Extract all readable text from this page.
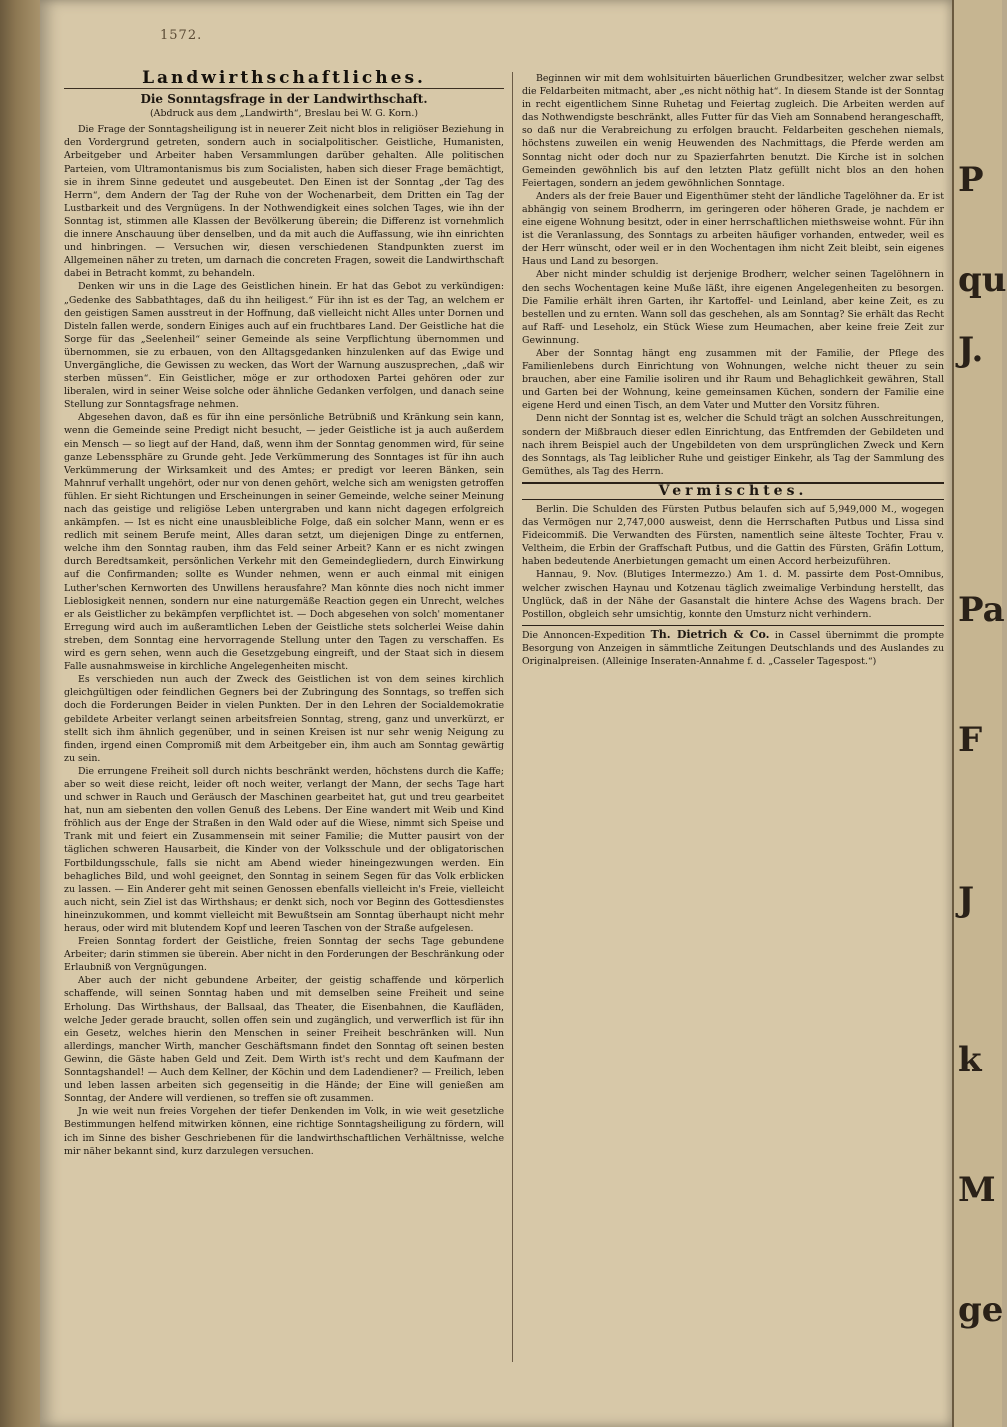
1572.
Landwirthschaftliches.
Die Sonntagsfrage in der Landwirthschaft.
(Abdruck aus dem „Landwirth“, Breslau bei W. G. Korn.)

Die Frage der Sonntagsheiligung ist in neuerer Zeit nicht blos in religiöser Beziehung in den Vordergrund getreten, sondern auch in socialpolitischer. Geistliche, Humanisten, Arbeitgeber und Arbeiter haben Versammlungen darüber gehalten. Alle politischen Parteien, vom Ultramontanismus bis zum Socialisten, haben sich dieser Frage bemächtigt, sie in ihrem Sinne gedeutet und ausgebeutet. Den Einen ist der Sonntag „der Tag des Herrn“, dem Andern der Tag der Ruhe von der Wochenarbeit, dem Dritten ein Tag der Lustbarkeit und des Vergnügens. In der Nothwendigkeit eines solchen Tages, wie ihn der Sonntag ist, stimmen alle Klassen der Bevölkerung überein; die Differenz ist vornehmlich die innere Anschauung über denselben, und da mit auch die Auffassung, wie ihn einrichten und hinbringen. — Versuchen wir, diesen verschiedenen Standpunkten zuerst im Allgemeinen näher zu treten, um darnach die concreten Fragen, soweit die Landwirthschaft dabei in Betracht kommt, zu behandeln.

Denken wir uns in die Lage des Geistlichen hinein. Er hat das Gebot zu verkündigen: „Gedenke des Sabbathtages, daß du ihn heiligest.“ Für ihn ist es der Tag, an welchem er den geistigen Samen ausstreut in der Hoffnung, daß vielleicht nicht Alles unter Dornen und Disteln fallen werde, sondern Einiges auch auf ein fruchtbares Land. Der Geistliche hat die Sorge für das „Seelenheil“ seiner Gemeinde als seine Verpflichtung übernommen und übernommen, sie zu erbauen, von den Alltagsgedanken hinzulenken auf das Ewige und Unvergängliche, die Gewissen zu wecken, das Wort der Warnung auszusprechen, „daß wir sterben müssen“. Ein Geistlicher, möge er zur orthodoxen Partei gehören oder zur liberalen, wird in seiner Weise solche oder ähnliche Gedanken verfolgen, und danach seine Stellung zur Sonntagsfrage nehmen.

Abgesehen davon, daß es für ihn eine persönliche Betrübniß und Kränkung sein kann, wenn die Gemeinde seine Predigt nicht besucht, — jeder Geistliche ist ja auch außerdem ein Mensch — so liegt auf der Hand, daß, wenn ihm der Sonntag genommen wird, für seine ganze Lebenssphäre zu Grunde geht. Jede Verkümmerung des Sonntages ist für ihn auch Verkümmerung der Wirksamkeit und des Amtes; er predigt vor leeren Bänken, sein Mahnruf verhallt ungehört, oder nur von denen gehört, welche sich am wenigsten getroffen fühlen. Er sieht Richtungen und Erscheinungen in seiner Gemeinde, welche seiner Meinung nach das geistige und religiöse Leben untergraben und kann nicht dagegen erfolgreich ankämpfen. — Ist es nicht eine unausbleibliche Folge, daß ein solcher Mann, wenn er es redlich mit seinem Berufe meint, Alles daran setzt, um diejenigen Dinge zu entfernen, welche ihm den Sonntag rauben, ihm das Feld seiner Arbeit? Kann er es nicht zwingen durch Beredtsamkeit, persönlichen Verkehr mit den Gemeindegliedern, durch Einwirkung auf die Confirmanden; sollte es Wunder nehmen, wenn er auch einmal mit einigen Luther'schen Kernworten des Unwillens herausfahre? Man könnte dies noch nicht immer Lieblosigkeit nennen, sondern nur eine naturgemäße Reaction gegen ein Unrecht, welches er als Geistlicher zu bekämpfen verpflichtet ist. — Doch abgesehen von solch' momentaner Erregung wird auch im außeramtlichen Leben der Geistliche stets solcherlei Weise dahin streben, dem Sonntag eine hervorragende Stellung unter den Tagen zu verschaffen. Es wird es gern sehen, wenn auch die Gesetzgebung eingreift, und der Staat sich in diesem Falle ausnahmsweise in kirchliche Angelegenheiten mischt.

Es verschieden nun auch der Zweck des Geistlichen ist von dem seines kirchlich gleichgültigen oder feindlichen Gegners bei der Zubringung des Sonntags, so treffen sich doch die Forderungen Beider in vielen Punkten. Der in den Lehren der Socialdemokratie gebildete Arbeiter verlangt seinen arbeitsfreien Sonntag, streng, ganz und unverkürzt, er stellt sich ihm ähnlich gegenüber, und in seinen Kreisen ist nur sehr wenig Neigung zu finden, irgend einen Compromiß mit dem Arbeitgeber ein, ihm auch am Sonntag gewärtig zu sein.

Die errungene Freiheit soll durch nichts beschränkt werden, höchstens durch die Kaffe; aber so weit diese reicht, leider oft noch weiter, verlangt der Mann, der sechs Tage hart und schwer in Rauch und Geräusch der Maschinen gearbeitet hat, gut und treu gearbeitet hat, nun am siebenten den vollen Genuß des Lebens. Der Eine wandert mit Weib und Kind fröhlich aus der Enge der Straßen in den Wald oder auf die Wiese, nimmt sich Speise und Trank mit und feiert ein Zusammensein mit seiner Familie; die Mutter pausirt von der täglichen schweren Hausarbeit, die Kinder von der Volksschule und der obligatorischen Fortbildungsschule, falls sie nicht am Abend wieder hineingezwungen werden. Ein behagliches Bild, und wohl geeignet, den Sonntag in seinem Segen für das Volk erblicken zu lassen. — Ein Anderer geht mit seinen Genossen ebenfalls vielleicht in's Freie, vielleicht auch nicht, sein Ziel ist das Wirthshaus; er denkt sich, noch vor Beginn des Gottesdienstes hineinzukommen, und kommt vielleicht mit Bewußtsein am Sonntag überhaupt nicht mehr heraus, oder wird mit blutendem Kopf und leeren Taschen von der Straße aufgelesen.

Freien Sonntag fordert der Geistliche, freien Sonntag der sechs Tage gebundene Arbeiter; darin stimmen sie überein. Aber nicht in den Forderungen der Beschränkung oder Erlaubniß von Vergnügungen.

Aber auch der nicht gebundene Arbeiter, der geistig schaffende und körperlich schaffende, will seinen Sonntag haben und mit demselben seine Freiheit und seine Erholung. Das Wirthshaus, der Ballsaal, das Theater, die Eisenbahnen, die Kaufläden, welche Jeder gerade braucht, sollen offen sein und zugänglich, und verwerflich ist für ihn ein Gesetz, welches hierin den Menschen in seiner Freiheit beschränken will. Nun allerdings, mancher Wirth, mancher Geschäftsmann findet den Sonntag oft seinen besten Gewinn, die Gäste haben Geld und Zeit. Dem Wirth ist's recht und dem Kaufmann der Sonntagshandel! — Auch dem Kellner, der Köchin und dem Ladendiener? — Freilich, leben und leben lassen arbeiten sich gegenseitig in die Hände; der Eine will genießen am Sonntag, der Andere will verdienen, so treffen sie oft zusammen.

Jn wie weit nun freies Vorgehen der tiefer Denkenden im Volk, in wie weit gesetzliche Bestimmungen helfend mitwirken können, eine richtige Sonntagsheiligung zu fördern, will ich im Sinne des bisher Geschriebenen für die landwirthschaftlichen Verhältnisse, welche mir näher bekannt sind, kurz darzulegen versuchen.

Beginnen wir mit dem wohlsituirten bäuerlichen Grundbesitzer, welcher zwar selbst die Feldarbeiten mitmacht, aber „es nicht nöthig hat“. In diesem Stande ist der Sonntag in recht eigentlichem Sinne Ruhetag und Feiertag zugleich. Die Arbeiten werden auf das Nothwendigste beschränkt, alles Futter für das Vieh am Sonnabend herangeschafft, so daß nur die Verabreichung zu erfolgen braucht. Feldarbeiten geschehen niemals, höchstens zuweilen ein wenig Heuwenden des Nachmittags, die Pferde werden am Sonntag nicht oder doch nur zu Spazierfahrten benutzt. Die Kirche ist in solchen Gemeinden gewöhnlich bis auf den letzten Platz gefüllt nicht blos an den hohen Feiertagen, sondern an jedem gewöhnlichen Sonntage.

Anders als der freie Bauer und Eigenthümer steht der ländliche Tagelöhner da. Er ist abhängig von seinem Brodherrn, im geringeren oder höheren Grade, je nachdem er eine eigene Wohnung besitzt, oder in einer herrschaftlichen miethsweise wohnt. Für ihn ist die Veranlassung, des Sonntags zu arbeiten häufiger vorhanden, entweder, weil es der Herr wünscht, oder weil er in den Wochentagen ihm nicht Zeit bleibt, sein eigenes Haus und Land zu besorgen.

Aber nicht minder schuldig ist derjenige Brodherr, welcher seinen Tagelöhnern in den sechs Wochentagen keine Muße läßt, ihre eigenen Angelegenheiten zu besorgen. Die Familie erhält ihren Garten, ihr Kartoffel- und Leinland, aber keine Zeit, es zu bestellen und zu ernten. Wann soll das geschehen, als am Sonntag? Sie erhält das Recht auf Raff- und Leseholz, ein Stück Wiese zum Heumachen, aber keine freie Zeit zur Gewinnung.

Aber der Sonntag hängt eng zusammen mit der Familie, der Pflege des Familienlebens durch Einrichtung von Wohnungen, welche nicht theuer zu sein brauchen, aber eine Familie isoliren und ihr Raum und Behaglichkeit gewähren, Stall und Garten bei der Wohnung, keine gemeinsamen Küchen, sondern der Familie eine eigene Herd und einen Tisch, an dem Vater und Mutter den Vorsitz führen.

Denn nicht der Sonntag ist es, welcher die Schuld trägt an solchen Ausschreitungen, sondern der Mißbrauch dieser edlen Einrichtung, das Entfremden der Gebildeten und nach ihrem Beispiel auch der Ungebildeten von dem ursprünglichen Zweck und Kern des Sonntags, als Tag leiblicher Ruhe und geistiger Einkehr, als Tag der Sammlung des Gemüthes, als Tag des Herrn.

Vermischtes.

Berlin. Die Schulden des Fürsten Putbus belaufen sich auf 5,949,000 M., wogegen das Vermögen nur 2,747,000 ausweist, denn die Herrschaften Putbus und Lissa sind Fideicommiß. Die Verwandten des Fürsten, namentlich seine älteste Tochter, Frau v. Veltheim, die Erbin der Graffschaft Putbus, und die Gattin des Fürsten, Gräfin Lottum, haben bedeutende Anerbietungen gemacht um einen Accord herbeizuführen.

Hannau, 9. Nov. (Blutiges Intermezzo.) Am 1. d. M. passirte dem Post-Omnibus, welcher zwischen Haynau und Kotzenau täglich zweimalige Verbindung herstellt, das Unglück, daß in der Nähe der Gasanstalt die hintere Achse des Wagens brach. Der Postillon, obgleich sehr umsichtig, konnte den Umsturz nicht verhindern.

Die Annoncen-Expedition Th. Dietrich & Co. in Cassel übernimmt die prompte Besorgung von Anzeigen in sämmtliche Zeitungen Deutschlands und des Auslandes zu Originalpreisen. (Alleinige Inseraten-Annahme f. d. „Casseler Tagespost.“)
P
J.
qu
Pa
F
J
k
M
ge
